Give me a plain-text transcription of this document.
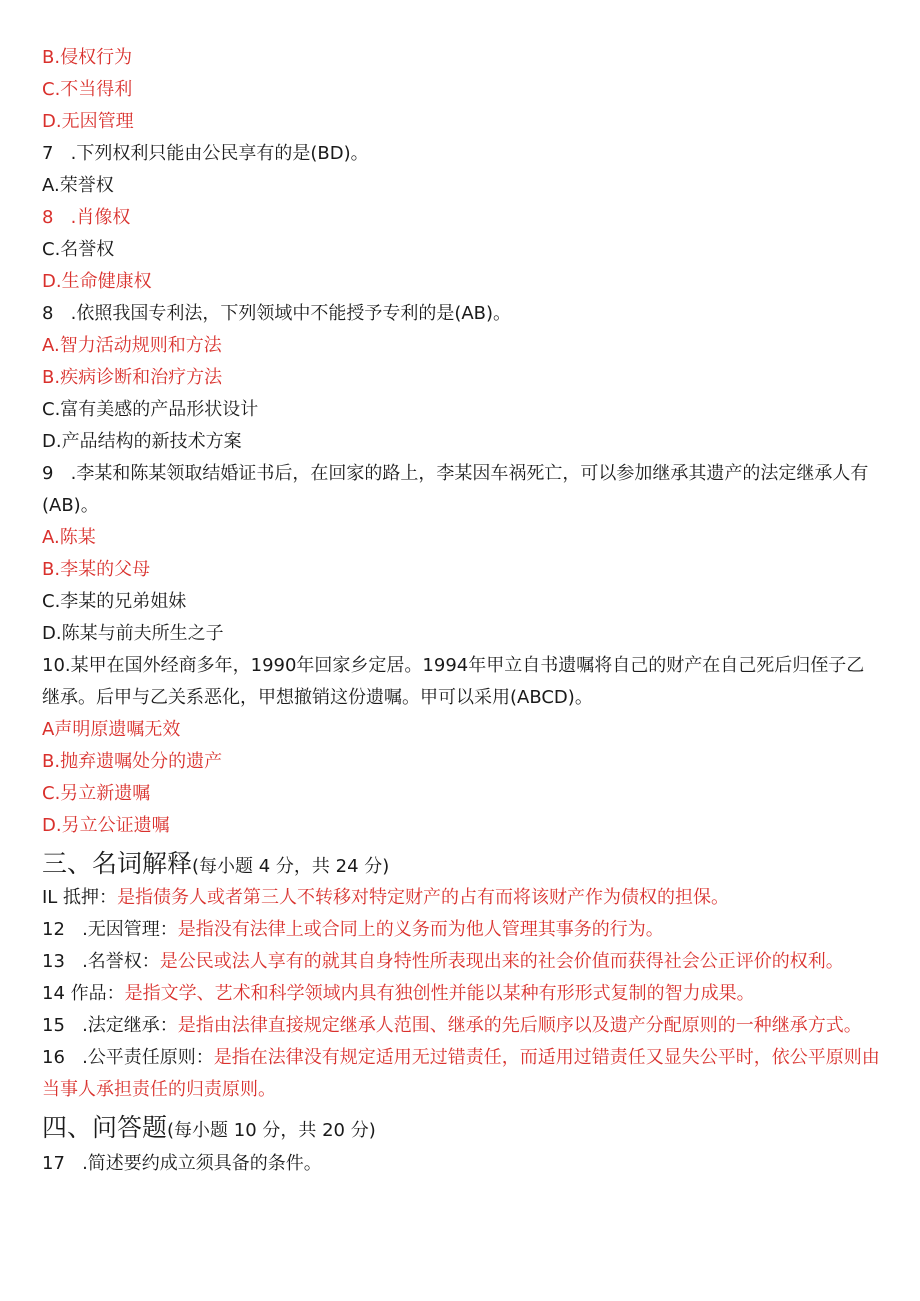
B.侵权行为
C.不当得利
D.无因管理
7   .下列权利只能由公民享有的是(BD)。
A.荣誉权
8   .肖像权
C.名誉权
D.生命健康权
8   .依照我国专利法，下列领域中不能授予专利的是(AB)。
A.智力活动规则和方法
B.疾病诊断和治疗方法
C.富有美感的产品形状设计
D.产品结构的新技术方案
9   .李某和陈某领取结婚证书后，在回家的路上，李某因车祸死亡，可以参加继承其遗产的法定继承人有(AB)。
A.陈某
B.李某的父母
C.李某的兄弟姐妹
D.陈某与前夫所生之子
10.某甲在国外经商多年，1990年回家乡定居。1994年甲立自书遗嘱将自己的财产在自己死后归侄子乙继承。后甲与乙关系恶化，甲想撤销这份遗嘱。甲可以采用(ABCD)。
A声明原遗嘱无效
B.抛弃遗嘱处分的遗产
C.另立新遗嘱
D.另立公证遗嘱
三、名词解释(每小题 4 分，共 24 分)
IL 抵押：是指债务人或者第三人不转移对特定财产的占有而将该财产作为债权的担保。
12   .无因管理：是指没有法律上或合同上的义务而为他人管理其事务的行为。
13   .名誉权：是公民或法人享有的就其自身特性所表现出来的社会价值而获得社会公正评价的权利。
14 作品：是指文学、艺术和科学领域内具有独创性并能以某种有形形式复制的智力成果。
15   .法定继承：是指由法律直接规定继承人范围、继承的先后顺序以及遗产分配原则的一种继承方式。
16   .公平责任原则：是指在法律没有规定适用无过错责任，而适用过错责任又显失公平时，依公平原则由当事人承担责任的归责原则。
四、问答题(每小题 10 分，共 20 分)
17   .简述要约成立须具备的条件。
